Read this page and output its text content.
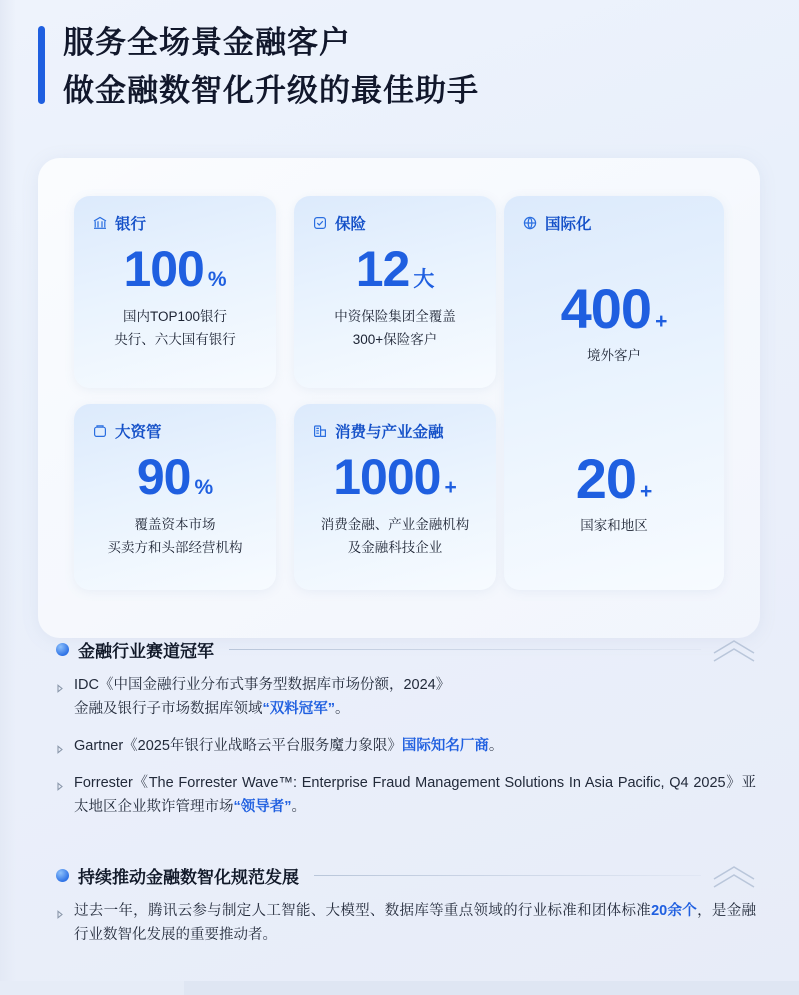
服务全场景金融客户
做金融数智化升级的最佳助手
银行
100 %
国内TOP100银行
央行、六大国有银行
保险
12 大
中资保险集团全覆盖
300+保险客户
国际化
400 +
境外客户
20 +
国家和地区
大资管
90 %
覆盖资本市场
买卖方和头部经营机构
消费与产业金融
1000 +
消费金融、产业金融机构
及金融科技企业
金融行业赛道冠军
IDC《中国金融行业分布式事务型数据库市场份额，2024》
金融及银行子市场数据库领域“双料冠军”。
Gartner《2025年银行业战略云平台服务魔力象限》国际知名厂商。
Forrester《The Forrester Wave™: Enterprise Fraud Management Solutions In Asia Pacific, Q4 2025》亚太地区企业欺诈管理市场“领导者”。
持续推动金融数智化规范发展
过去一年，腾讯云参与制定人工智能、大模型、数据库等重点领域的行业标准和团体标准20余个，是金融行业数智化发展的重要推动者。
